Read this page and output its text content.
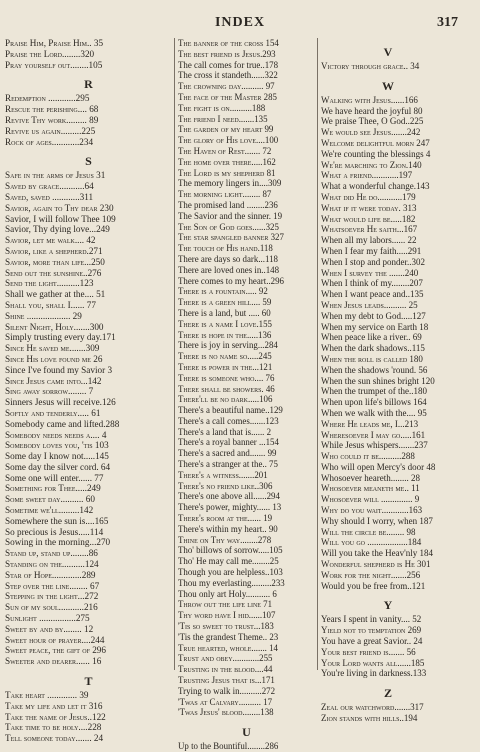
INDEX	317
Praise Him, Praise Him.. 35
Praise the Lord........320
Pray yourself out........105
R
Redemption ............295
Rescue the perishing.... 68
Revive Thy work......... 89
Revive us again.........225
Rock of ages............234
S
Safe in the arms of Jesus 31
Saved by grace...........64
Saved, saved ............311
Savior, again to Thy dear 230
Savior, I will follow Thee 109
Savior, Thy dying love...249
Savior, let me walk.... 42
Savior, like a shepherd.271
Savior, more than life...250
Send out the sunshine..276
Send the light..........123
Shall we gather at the.... 51
Shall you, shall I...... 77
Shine ................... 29
Silent Night, Holy.......300
Simply trusting every day.171
Since He saved me.......309
Since His love found me 26
Since I've found my Savior 3
Since Jesus came into...142
Sing away sorrow........ 7
Sinners Jesus will receive.126
Softly and tenderly..... 61
Somebody came and lifted.288
Somebody needs needs a.... 4
Somebody loves you, 'tis 103
Some day I know not.....145
Some day the silver cord. 64
Some one will enter...... 77
Something for Thee.....249
Some sweet day.......... 60
Sometime we'll.........142
Somewhere the sun is....165
So precious is Jesus.....114
Sowing in the morning...270
Stand up, stand up........86
Standing on the..........124
Star of Hope.............289
Step over the line........ 67
Stepping in the light...272
Sun of my soul...........216
Sunlight ................275
Sweet by and by........ 12
Sweet hour of prayer....244
Sweet peace, the gift of 296
Sweeter and dearer...... 16
T
Take heart ............. 39
Take my life and let it 316
Take the name of Jesus..122
Take time to be holy....228
Tell someone today....... 24
The banner of the cross 154
The best friend is Jesus.293
The call comes for true..178
The cross it standeth......322
The crowning day.......... 97
The face of the Master 285
The fight is on..........188
The friend I need.......135
The garden of my heart 99
The glory of His love....100
The Haven of Rest....... 72
The home over there.....162
The Lord is my shepherd 81
The memory lingers in....309
The morning light........ 87
The promised land ........236
The Savior and the sinner. 19
The Son of God goes......325
The star spangled banner 327
The touch of His hand.118
There are days so dark...118
There are loved ones in..148
There comes to my heart..296
There is a fountain..... 92
There is a green hill.... 59
There is a land, but ..... 60
There is a name I love.155
There is hope in the.....136
There is joy in serving...284
There is no name so.....245
There is power in the...121
There is someone who.... 76
There shall be showers. 46
There'll be no dark.....106
There's a beautiful name..129
There's a call comes.......123
There's a land that is...... 2
There's a royal banner ...154
There's a sacred and....... 99
There's a stranger at the.. 75
There's a witness.......201
There's no friend like..306
There's one above all......294
There's power, mighty...... 13
There's room at the...... 19
There's within my heart.. 90
Thine on Thy way........278
Tho' billows of sorrow.....105
Tho' He may call me........25
Though you are helpless..103
Thou my everlasting.........233
Thou only art Holy........... 6
Throw out the life line 71
Thy word have I hid......107
'Tis so sweet to trust...183
'Tis the grandest Theme.. 23
True hearted, whole....... 14
Trust and obey............255
Trusting in the blood....44
Trusting Jesus that is...171
Trying to walk in..........272
'Twas at Calvary.......... 17
'Twas Jesus' blood........138
U
Up to the Bountiful........286
V
Victory through grace.. 34
W
Walking with Jesus......166
We have heard the joyful 80
We praise Thee, O God..225
We would see Jesus.......242
Welcome delightful morn 247
We're counting the blessings 4
We're marching to Zion.140
What a friend............197
What a wonderful change.143
What did He do...........179
What if it were today. 313
What would life be.....182
Whatsoever He saith...167
When all my labors...... 22
When I fear my faith.....291
When I stop and ponder..302
When I survey the .......240
When I think of my........207
When I want peace and..135
When Jesus leads.......... 25
When my debt to God.....127
When my service on Earth 18
When peace like a river.. 69
When the dark shadows..115
When the roll is called 180
When the shadows 'round. 56
When the sun shines bright 120
When the trumpet of the..180
When upon life's billows 164
When we walk with the.... 95
Where He leads me, I...213
Wheresoever I may go.....161
While Jesus whispers.......237
Who could it be..........288
Who will open Mercy's door 48
Whosoever heareth........ 28
Whosoever meaneth me.. 11
Whosoever will .............. 9
Why do you wait............163
Why should I worry, when 187
Will the circle be........ 98
Will you go ..................184
Will you take the Heav'nly 184
Wonderful shepherd is He 301
Work for the night.......256
Would you be free from..121
Y
Years I spent in vanity.... 52
Yield not to temptation 269
You have a great Savior.. 24
Your best friend is....... 56
Your Lord wants all......185
You're living in darkness.133
Z
Zeal our watchword.......317
Zion stands with hills..194
